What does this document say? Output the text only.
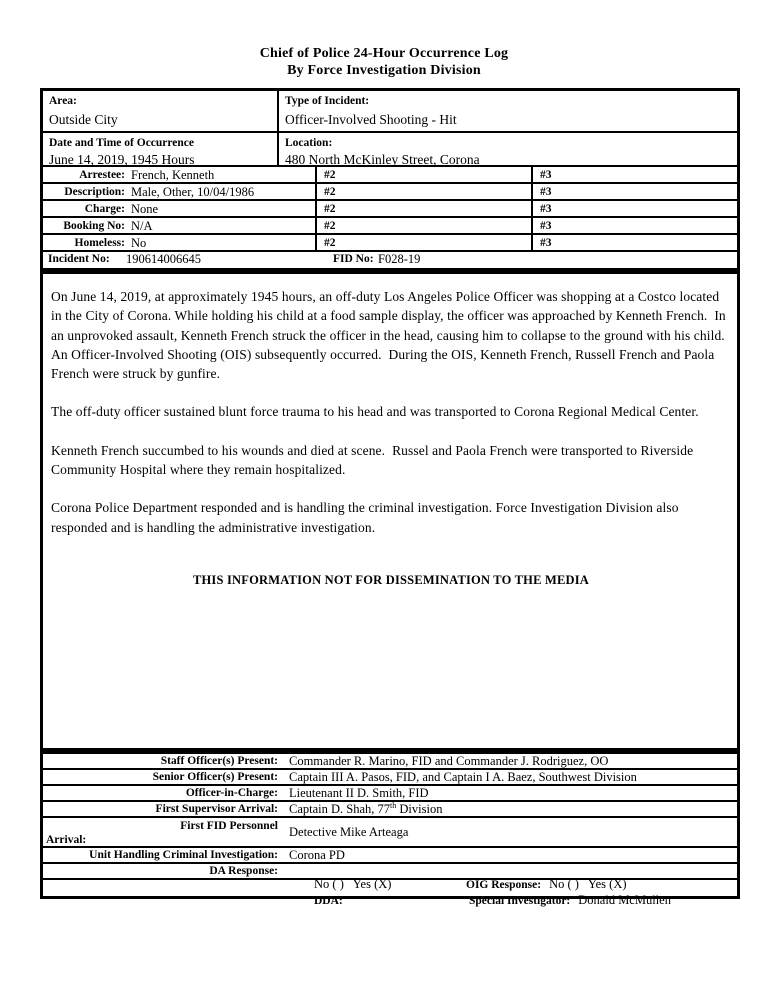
Chief of Police 24-Hour Occurrence Log
By Force Investigation Division
Area:
Outside City
Type of Incident:
Officer-Involved Shooting - Hit
Date and Time of Occurrence
June 14, 2019, 1945 Hours
Location:
480 North McKinley Street, Corona
Arrestee: French, Kenneth	#2	#3
Description: Male, Other, 10/04/1986	#2	#3
Charge: None	#2	#3
Booking No: N/A	#2	#3
Homeless: No	#2	#3
Incident No:	190614006645	FID No: F028-19

On June 14, 2019, at approximately 1945 hours, an off-duty Los Angeles Police Officer was shopping at a Costco located in the City of Corona. While holding his child at a food sample display, the officer was approached by Kenneth French.  In an unprovoked assault, Kenneth French struck the officer in the head, causing him to collapse to the ground with his child.  An Officer-Involved Shooting (OIS) subsequently occurred.  During the OIS, Kenneth French, Russell French and Paola French were struck by gunfire.

The off-duty officer sustained blunt force trauma to his head and was transported to Corona Regional Medical Center.

Kenneth French succumbed to his wounds and died at scene.  Russel and Paola French were transported to Riverside Community Hospital where they remain hospitalized.

Corona Police Department responded and is handling the criminal investigation. Force Investigation Division also responded and is handling the administrative investigation.

THIS INFORMATION NOT FOR DISSEMINATION TO THE MEDIA
Staff Officer(s) Present: Commander R. Marino, FID and Commander J. Rodriguez, OO
Senior Officer(s) Present: Captain III A. Pasos, FID, and Captain I A. Baez, Southwest Division
Officer-in-Charge: Lieutenant II D. Smith, FID
First Supervisor Arrival: Captain D. Shah, 77th Division
First FID Personnel
Arrival:
Detective Mike Arteaga
Unit Handling Criminal Investigation: Corona PD
DA Response:

No ( )   Yes (X)	OIG Response: No ( )   Yes (X)

DDA:	Special Investigator: Donald McMullen
